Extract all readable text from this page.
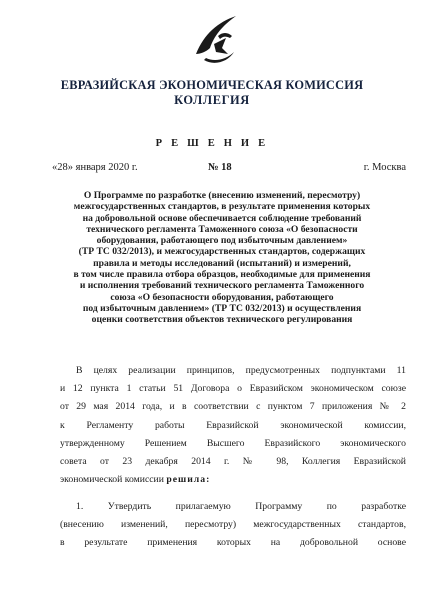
ЕВРАЗИЙСКАЯ ЭКОНОМИЧЕСКАЯ КОМИССИЯ
КОЛЛЕГИЯ
Р Е Ш Е Н И Е
«28» января 2020 г.	№ 18	г. Москва
О Программе по разработке (внесению изменений, пересмотру)
межгосударственных стандартов, в результате применения которых
на добровольной основе обеспечивается соблюдение требований
технического регламента Таможенного союза «О безопасности
оборудования, работающего под избыточным давлением»
(ТР ТС 032/2013), и межгосударственных стандартов, содержащих
правила и методы исследований (испытаний) и измерений,
в том числе правила отбора образцов, необходимые для применения
и исполнения требований технического регламента Таможенного
союза «О безопасности оборудования, работающего
под избыточным давлением» (ТР ТС 032/2013) и осуществления
оценки соответствия объектов технического регулирования
В целях реализации принципов, предусмотренных подпунктами 11
и 12 пункта 1 статьи 51 Договора о Евразийском экономическом союзе
от 29 мая 2014 года, и в соответствии с пунктом 7 приложения № 2
к Регламенту работы Евразийской экономической комиссии,
утвержденному Решением Высшего Евразийского экономического
совета от 23 декабря 2014 г. № 98, Коллегия Евразийской
экономической комиссии решила:
1. Утвердить прилагаемую Программу по разработке
(внесению изменений, пересмотру) межгосударственных стандартов,
в результате применения которых на добровольной основе
